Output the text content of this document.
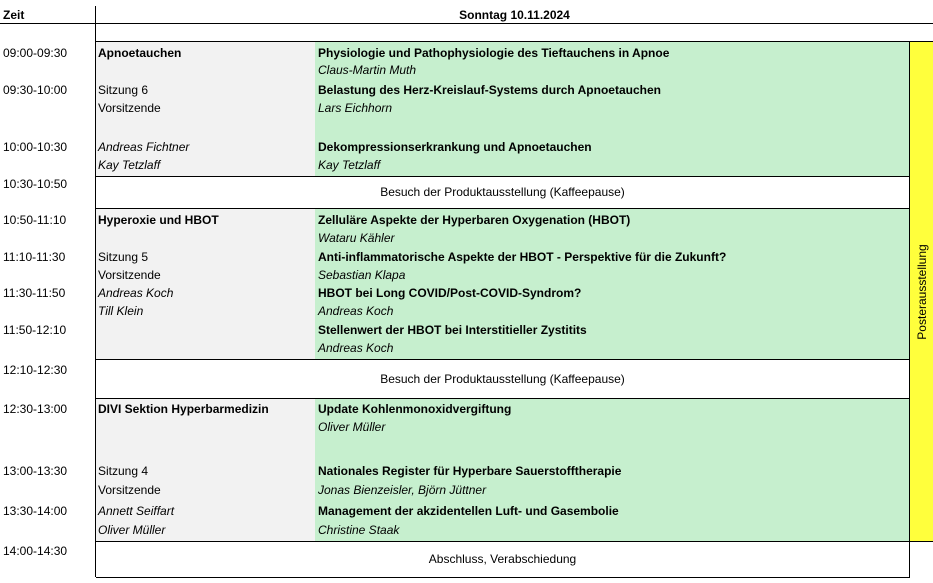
Zeit	Sonntag 10.11.2024
09:00-09:30
09:30-10:00
10:00-10:30
10:30-10:50
10:50-11:10
11:10-11:30
11:30-11:50
11:50-12:10
12:10-12:30
12:30-13:00
13:00-13:30
13:30-14:00
14:00-14:30
Apnoetauchen
Sitzung 6
Vorsitzende
Andreas Fichtner
Kay Tetzlaff
Physiologie und Pathophysiologie des Tieftauchens in Apnoe
Claus-Martin Muth
Belastung des Herz-Kreislauf-Systems durch Apnoetauchen
Lars Eichhorn
Dekompressionserkrankung und Apnoetauchen
Kay Tetzlaff
Besuch der Produktausstellung (Kaffeepause)
Hyperoxie und HBOT
Sitzung 5
Vorsitzende
Andreas Koch
Till Klein
Zelluläre Aspekte der Hyperbaren Oxygenation (HBOT)
Wataru Kähler
Anti-inflammatorische Aspekte der HBOT - Perspektive für die Zukunft?
Sebastian Klapa
HBOT bei Long COVID/Post-COVID-Syndrom?
Andreas Koch
Stellenwert der HBOT bei Interstitieller Zystitits
Andreas Koch
Besuch der Produktausstellung (Kaffeepause)
DIVI Sektion Hyperbarmedizin
Sitzung 4
Vorsitzende
Annett Seiffart
Oliver Müller
Update Kohlenmonoxidvergiftung
Oliver Müller
Nationales Register für Hyperbare Sauerstofftherapie
Jonas Bienzeisler, Björn Jüttner
Management der akzidentellen Luft- und Gasembolie
Christine Staak
Abschluss, Verabschiedung
Posterausstellung
